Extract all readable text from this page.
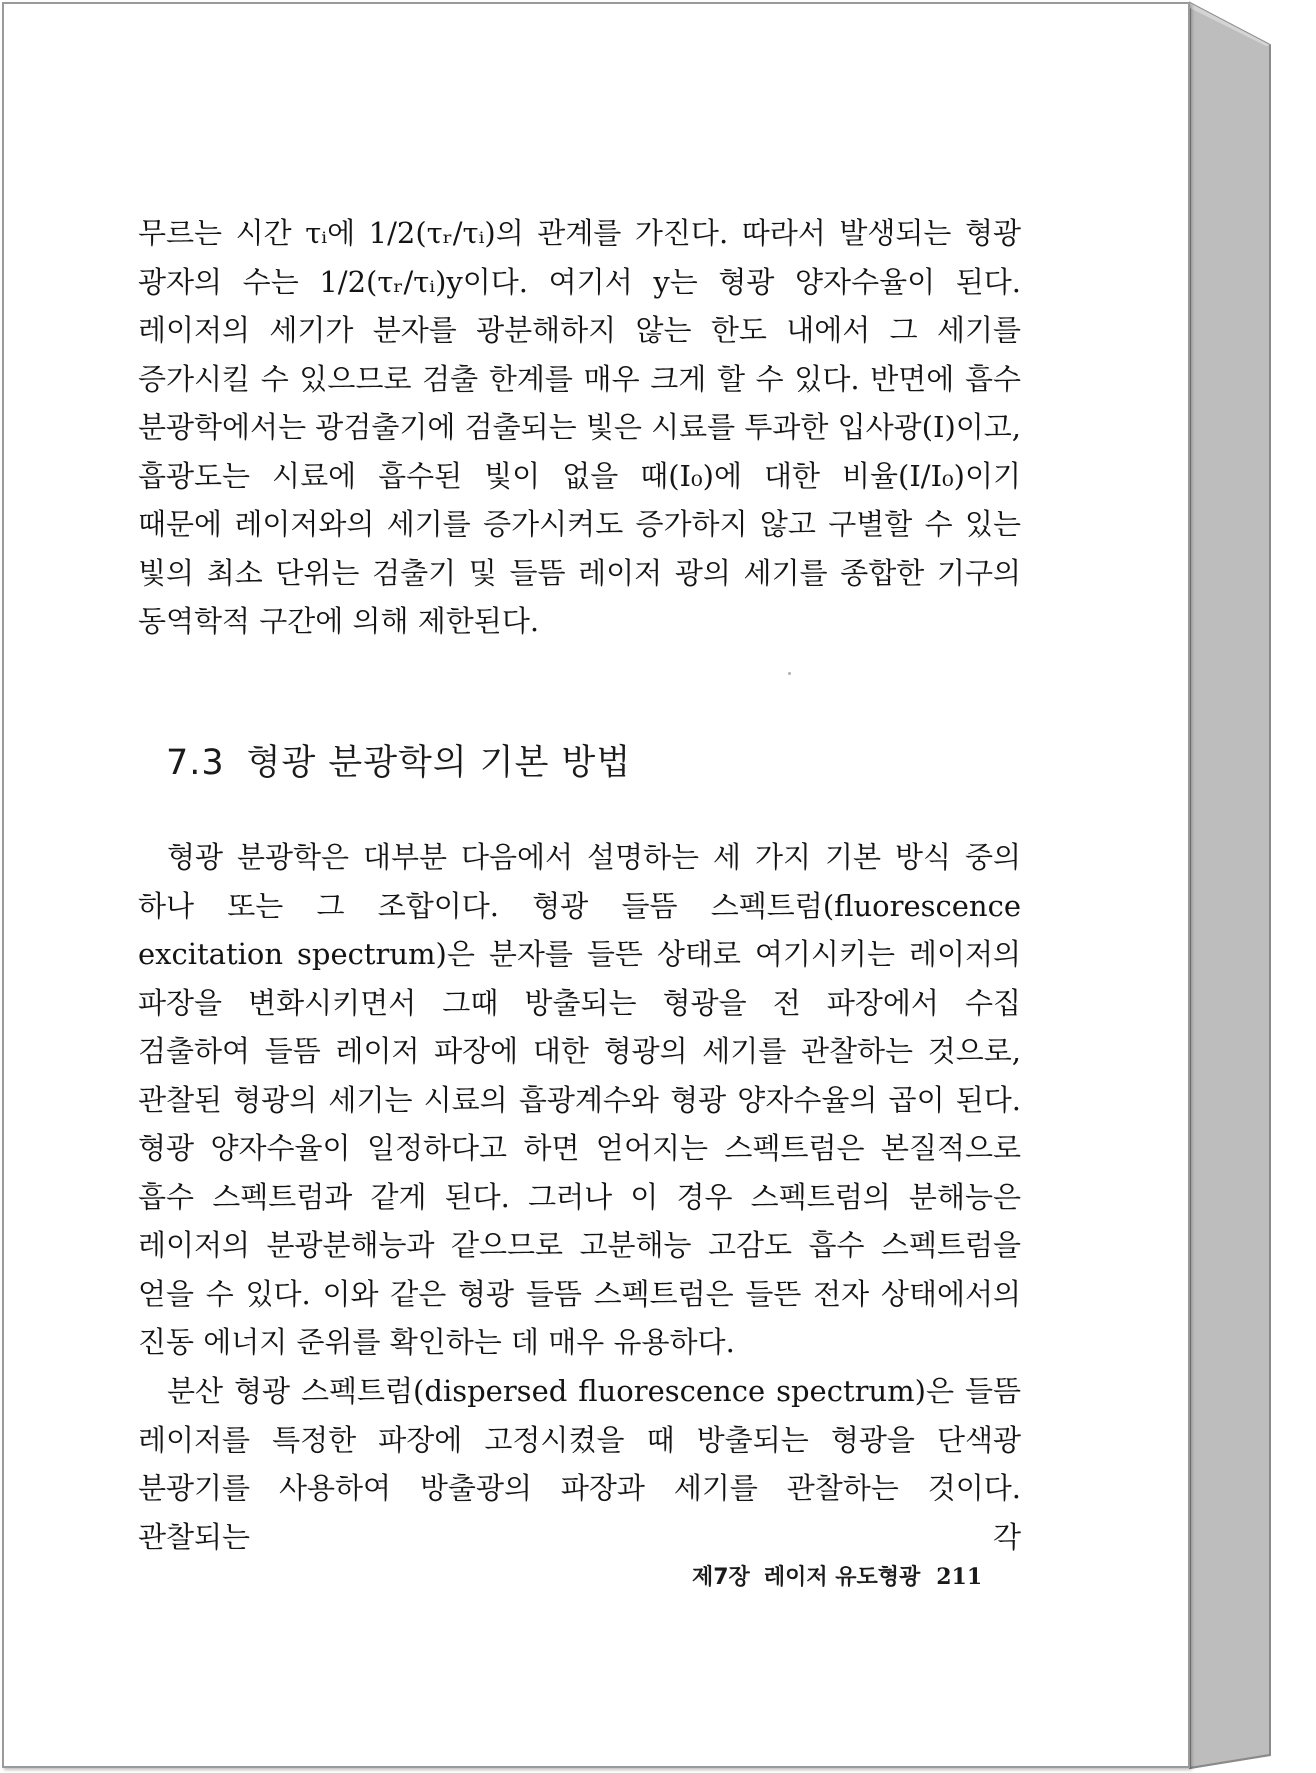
무르는 시간 τᵢ에 1/2(τᵣ/τᵢ)의 관계를 가진다. 따라서 발생되는 형광 광자의 수는 1/2(τᵣ/τᵢ)y이다. 여기서 y는 형광 양자수율이 된다. 레이저의 세기가 분자를 광분해하지 않는 한도 내에서 그 세기를 증가시킬 수 있으므로 검출 한계를 매우 크게 할 수 있다. 반면에 흡수 분광학에서는 광검출기에 검출되는 빛은 시료를 투과한 입사광(I)이고, 흡광도는 시료에 흡수된 빛이 없을 때(I₀)에 대한 비율(I/I₀)이기 때문에 레이저와의 세기를 증가시켜도 증가하지 않고 구별할 수 있는 빛의 최소 단위는 검출기 및 들뜸 레이저 광의 세기를 종합한 기구의 동역학적 구간에 의해 제한된다.

7.3 형광 분광학의 기본 방법

형광 분광학은 대부분 다음에서 설명하는 세 가지 기본 방식 중의 하나 또는 그 조합이다. 형광 들뜸 스펙트럼(fluorescence excitation spectrum)은 분자를 들뜬 상태로 여기시키는 레이저의 파장을 변화시키면서 그때 방출되는 형광을 전 파장에서 수집 검출하여 들뜸 레이저 파장에 대한 형광의 세기를 관찰하는 것으로, 관찰된 형광의 세기는 시료의 흡광계수와 형광 양자수율의 곱이 된다. 형광 양자수율이 일정하다고 하면 얻어지는 스펙트럼은 본질적으로 흡수 스펙트럼과 같게 된다. 그러나 이 경우 스펙트럼의 분해능은 레이저의 분광분해능과 같으므로 고분해능 고감도 흡수 스펙트럼을 얻을 수 있다. 이와 같은 형광 들뜸 스펙트럼은 들뜬 전자 상태에서의 진동 에너지 준위를 확인하는 데 매우 유용하다.

분산 형광 스펙트럼(dispersed fluorescence spectrum)은 들뜸 레이저를 특정한 파장에 고정시켰을 때 방출되는 형광을 단색광 분광기를 사용하여 방출광의 파장과 세기를 관찰하는 것이다. 관찰되는 각

제7장 레이저 유도형광 211
